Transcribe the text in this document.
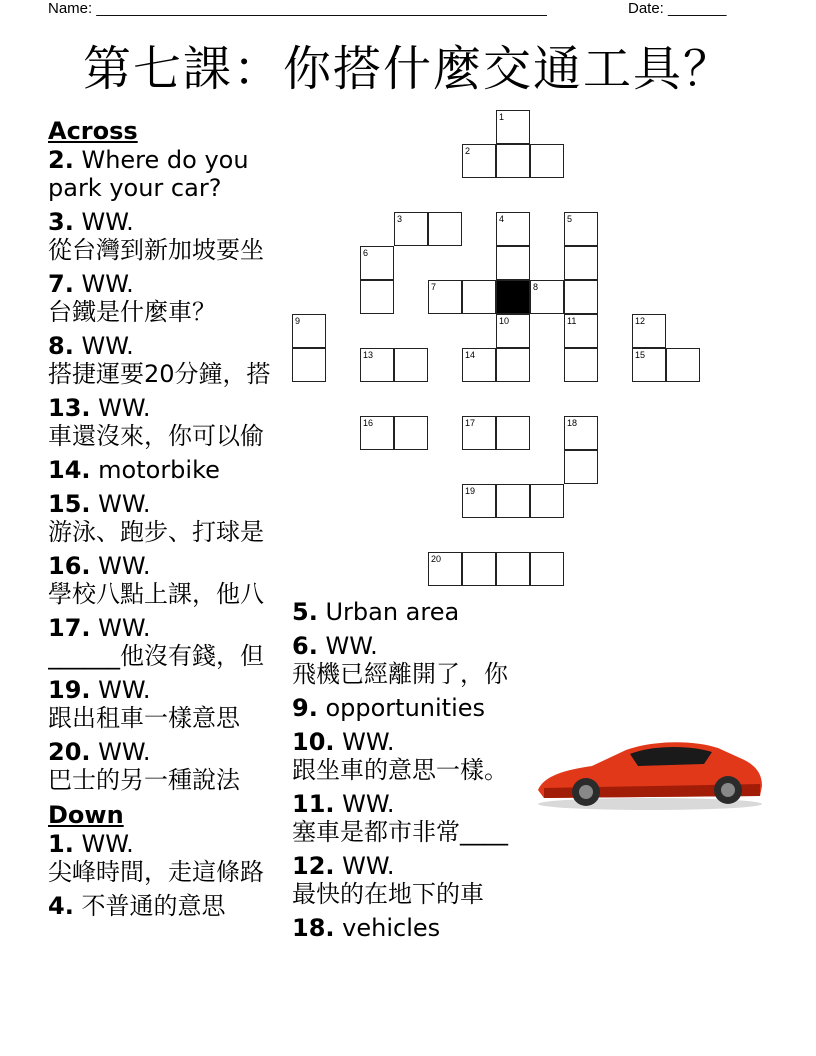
Name: ______________________________________________________	Date: _______
第七課：你搭什麼交通工具？
Across
2. Where do you park your car?
3. WW.
從台灣到新加坡要坐
7. WW.
台鐵是什麼車？
8. WW.
搭捷運要20分鐘，搭
13. WW.
車還沒來，你可以偷
14. motorbike
15. WW.
游泳、跑步、打球是
16. WW.
學校八點上課，他八
17. WW.
______他沒有錢，但
19. WW.
跟出租車一樣意思
20. WW.
巴士的另一種說法
Down
1. WW.
尖峰時間，走這條路
4. 不普通的意思
5. Urban area
6. WW.
飛機已經離開了，你
9. opportunities
10. WW.
跟坐車的意思一樣。
11. WW.
塞車是都市非常____
12. WW.
最快的在地下的車
18. vehicles
1
2
3	4	5
6
7	8
9	10	11	12
13	14	15
16	17	18
19
20
